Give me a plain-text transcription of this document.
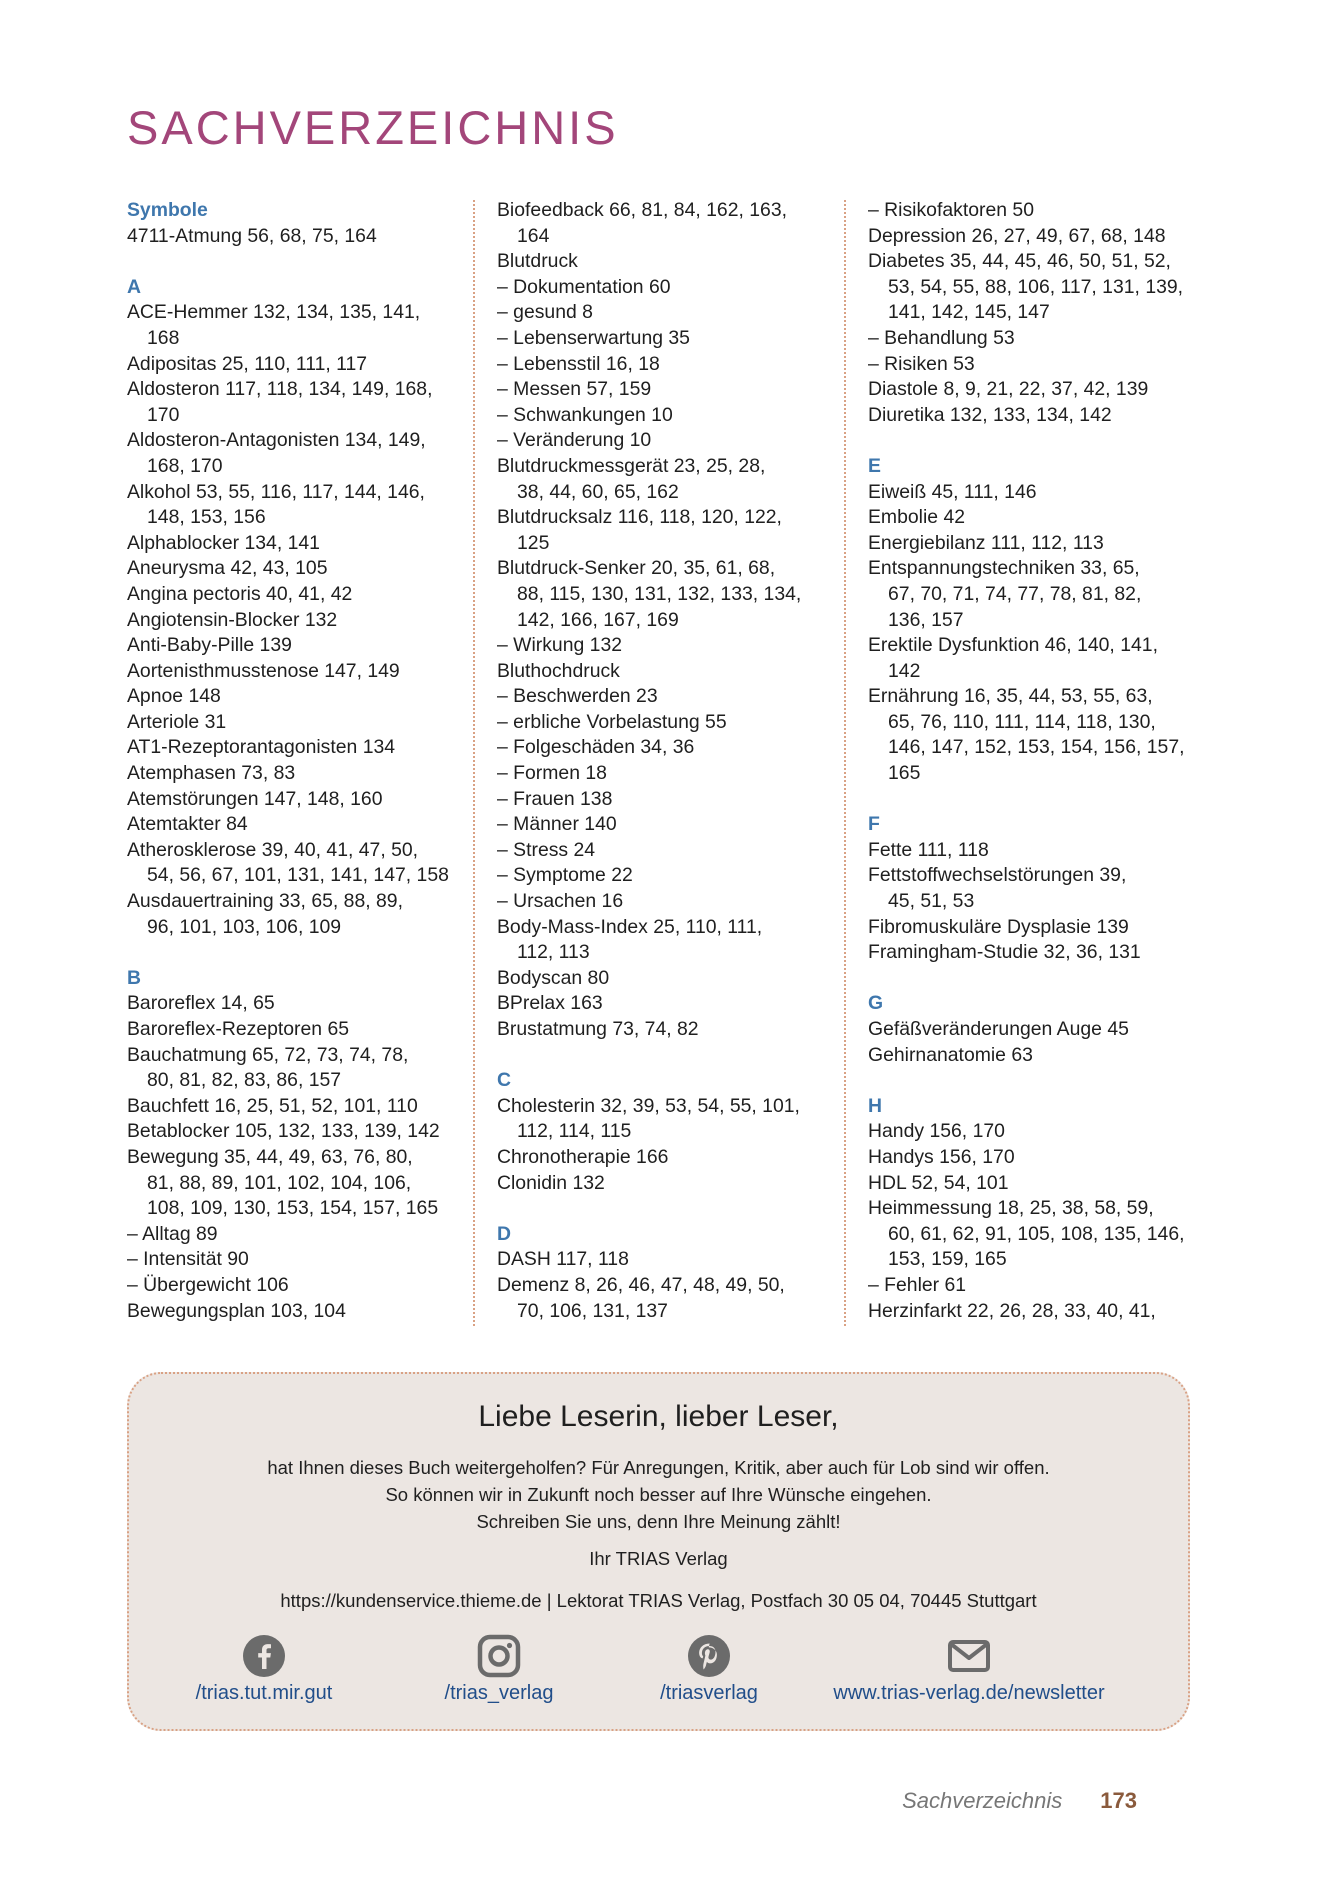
SACHVERZEICHNIS
Symbole
4711-Atmung 56, 68, 75, 164
A
ACE-Hemmer 132, 134, 135, 141,
168
Adipositas 25, 110, 111, 117
Aldosteron 117, 118, 134, 149, 168,
170
Aldosteron-Antagonisten 134, 149,
168, 170
Alkohol 53, 55, 116, 117, 144, 146,
148, 153, 156
Alphablocker 134, 141
Aneurysma 42, 43, 105
Angina pectoris 40, 41, 42
Angiotensin-Blocker 132
Anti-Baby-Pille 139
Aortenisthmusstenose 147, 149
Apnoe 148
Arteriole 31
AT1-Rezeptorantagonisten 134
Atemphasen 73, 83
Atemstörungen 147, 148, 160
Atemtakter 84
Atherosklerose 39, 40, 41, 47, 50,
54, 56, 67, 101, 131, 141, 147, 158
Ausdauertraining 33, 65, 88, 89,
96, 101, 103, 106, 109
B
Baroreflex 14, 65
Baroreflex-Rezeptoren 65
Bauchatmung 65, 72, 73, 74, 78,
80, 81, 82, 83, 86, 157
Bauchfett 16, 25, 51, 52, 101, 110
Betablocker 105, 132, 133, 139, 142
Bewegung 35, 44, 49, 63, 76, 80,
81, 88, 89, 101, 102, 104, 106,
108, 109, 130, 153, 154, 157, 165
– Alltag 89
– Intensität 90
– Übergewicht 106
Bewegungsplan 103, 104
Biofeedback 66, 81, 84, 162, 163,
164
Blutdruck
– Dokumentation 60
– gesund 8
– Lebenserwartung 35
– Lebensstil 16, 18
– Messen 57, 159
– Schwankungen 10
– Veränderung 10
Blutdruckmessgerät 23, 25, 28,
38, 44, 60, 65, 162
Blutdrucksalz 116, 118, 120, 122,
125
Blutdruck-Senker 20, 35, 61, 68,
88, 115, 130, 131, 132, 133, 134,
142, 166, 167, 169
– Wirkung 132
Bluthochdruck
– Beschwerden 23
– erbliche Vorbelastung 55
– Folgeschäden 34, 36
– Formen 18
– Frauen 138
– Männer 140
– Stress 24
– Symptome 22
– Ursachen 16
Body-Mass-Index 25, 110, 111,
112, 113
Bodyscan 80
BPrelax 163
Brustatmung 73, 74, 82
C
Cholesterin 32, 39, 53, 54, 55, 101,
112, 114, 115
Chronotherapie 166
Clonidin 132
D
DASH 117, 118
Demenz 8, 26, 46, 47, 48, 49, 50,
70, 106, 131, 137
– Risikofaktoren 50
Depression 26, 27, 49, 67, 68, 148
Diabetes 35, 44, 45, 46, 50, 51, 52,
53, 54, 55, 88, 106, 117, 131, 139,
141, 142, 145, 147
– Behandlung 53
– Risiken 53
Diastole 8, 9, 21, 22, 37, 42, 139
Diuretika 132, 133, 134, 142
E
Eiweiß 45, 111, 146
Embolie 42
Energiebilanz 111, 112, 113
Entspannungstechniken 33, 65,
67, 70, 71, 74, 77, 78, 81, 82,
136, 157
Erektile Dysfunktion 46, 140, 141,
142
Ernährung 16, 35, 44, 53, 55, 63,
65, 76, 110, 111, 114, 118, 130,
146, 147, 152, 153, 154, 156, 157,
165
F
Fette 111, 118
Fettstoffwechselstörungen 39,
45, 51, 53
Fibromuskuläre Dysplasie 139
Framingham-Studie 32, 36, 131
G
Gefäßveränderungen Auge 45
Gehirnanatomie 63
H
Handy 156, 170
Handys 156, 170
HDL 52, 54, 101
Heimmessung 18, 25, 38, 58, 59,
60, 61, 62, 91, 105, 108, 135, 146,
153, 159, 165
– Fehler 61
Herzinfarkt 22, 26, 28, 33, 40, 41,
Liebe Leserin, lieber Leser,
hat Ihnen dieses Buch weitergeholfen? Für Anregungen, Kritik, aber auch für Lob sind wir offen.
So können wir in Zukunft noch besser auf Ihre Wünsche eingehen.
Schreiben Sie uns, denn Ihre Meinung zählt!
Ihr TRIAS Verlag
https://kundenservice.thieme.de | Lektorat TRIAS Verlag, Postfach 30 05 04, 70445 Stuttgart
/trias.tut.mir.gut	/trias_verlag	/triasverlag	www.trias-verlag.de/newsletter
Sachverzeichnis 173
